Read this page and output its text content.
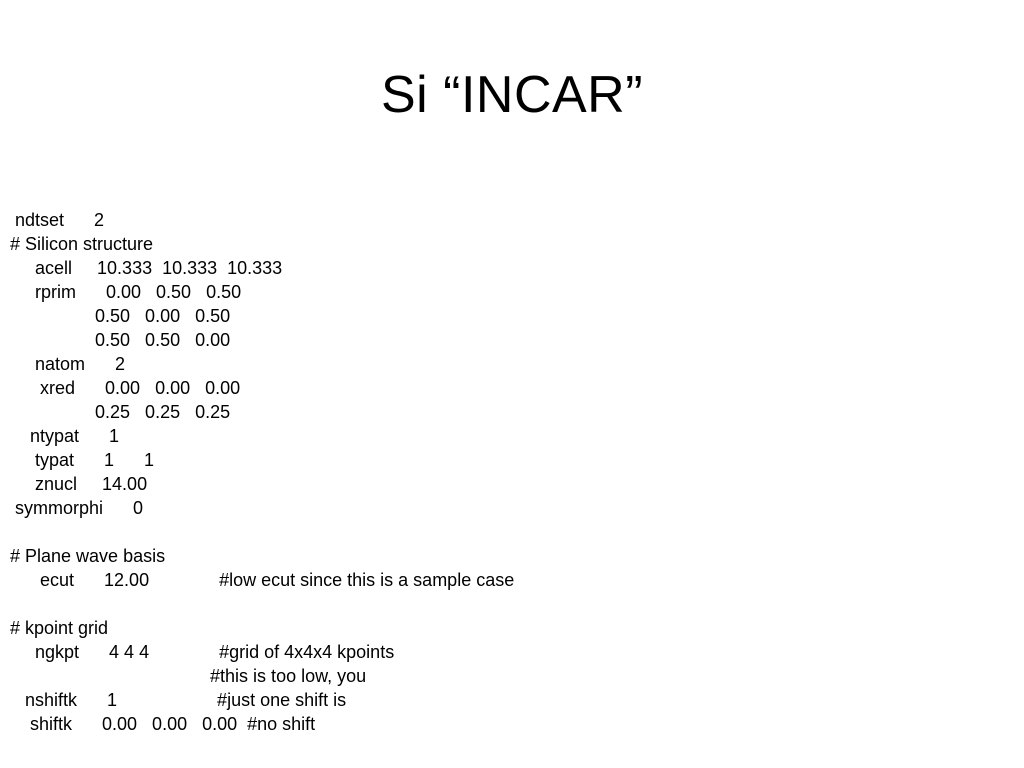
Si “INCAR”
ndtset      2
# Silicon structure
acell     10.333  10.333  10.333
rprim      0.00   0.50   0.50
0.50   0.00   0.50
0.50   0.50   0.00
natom      2
xred      0.00   0.00   0.00
0.25   0.25   0.25
ntypat      1
typat      1      1
znucl     14.00
symmorphi      0
# Plane wave basis
ecut      12.00              #low ecut since this is a sample case
# kpoint grid
ngkpt      4 4 4              #grid of 4x4x4 kpoints
#this is too low, you
nshiftk      1                    #just one shift is
shiftk      0.00   0.00   0.00  #no shift
